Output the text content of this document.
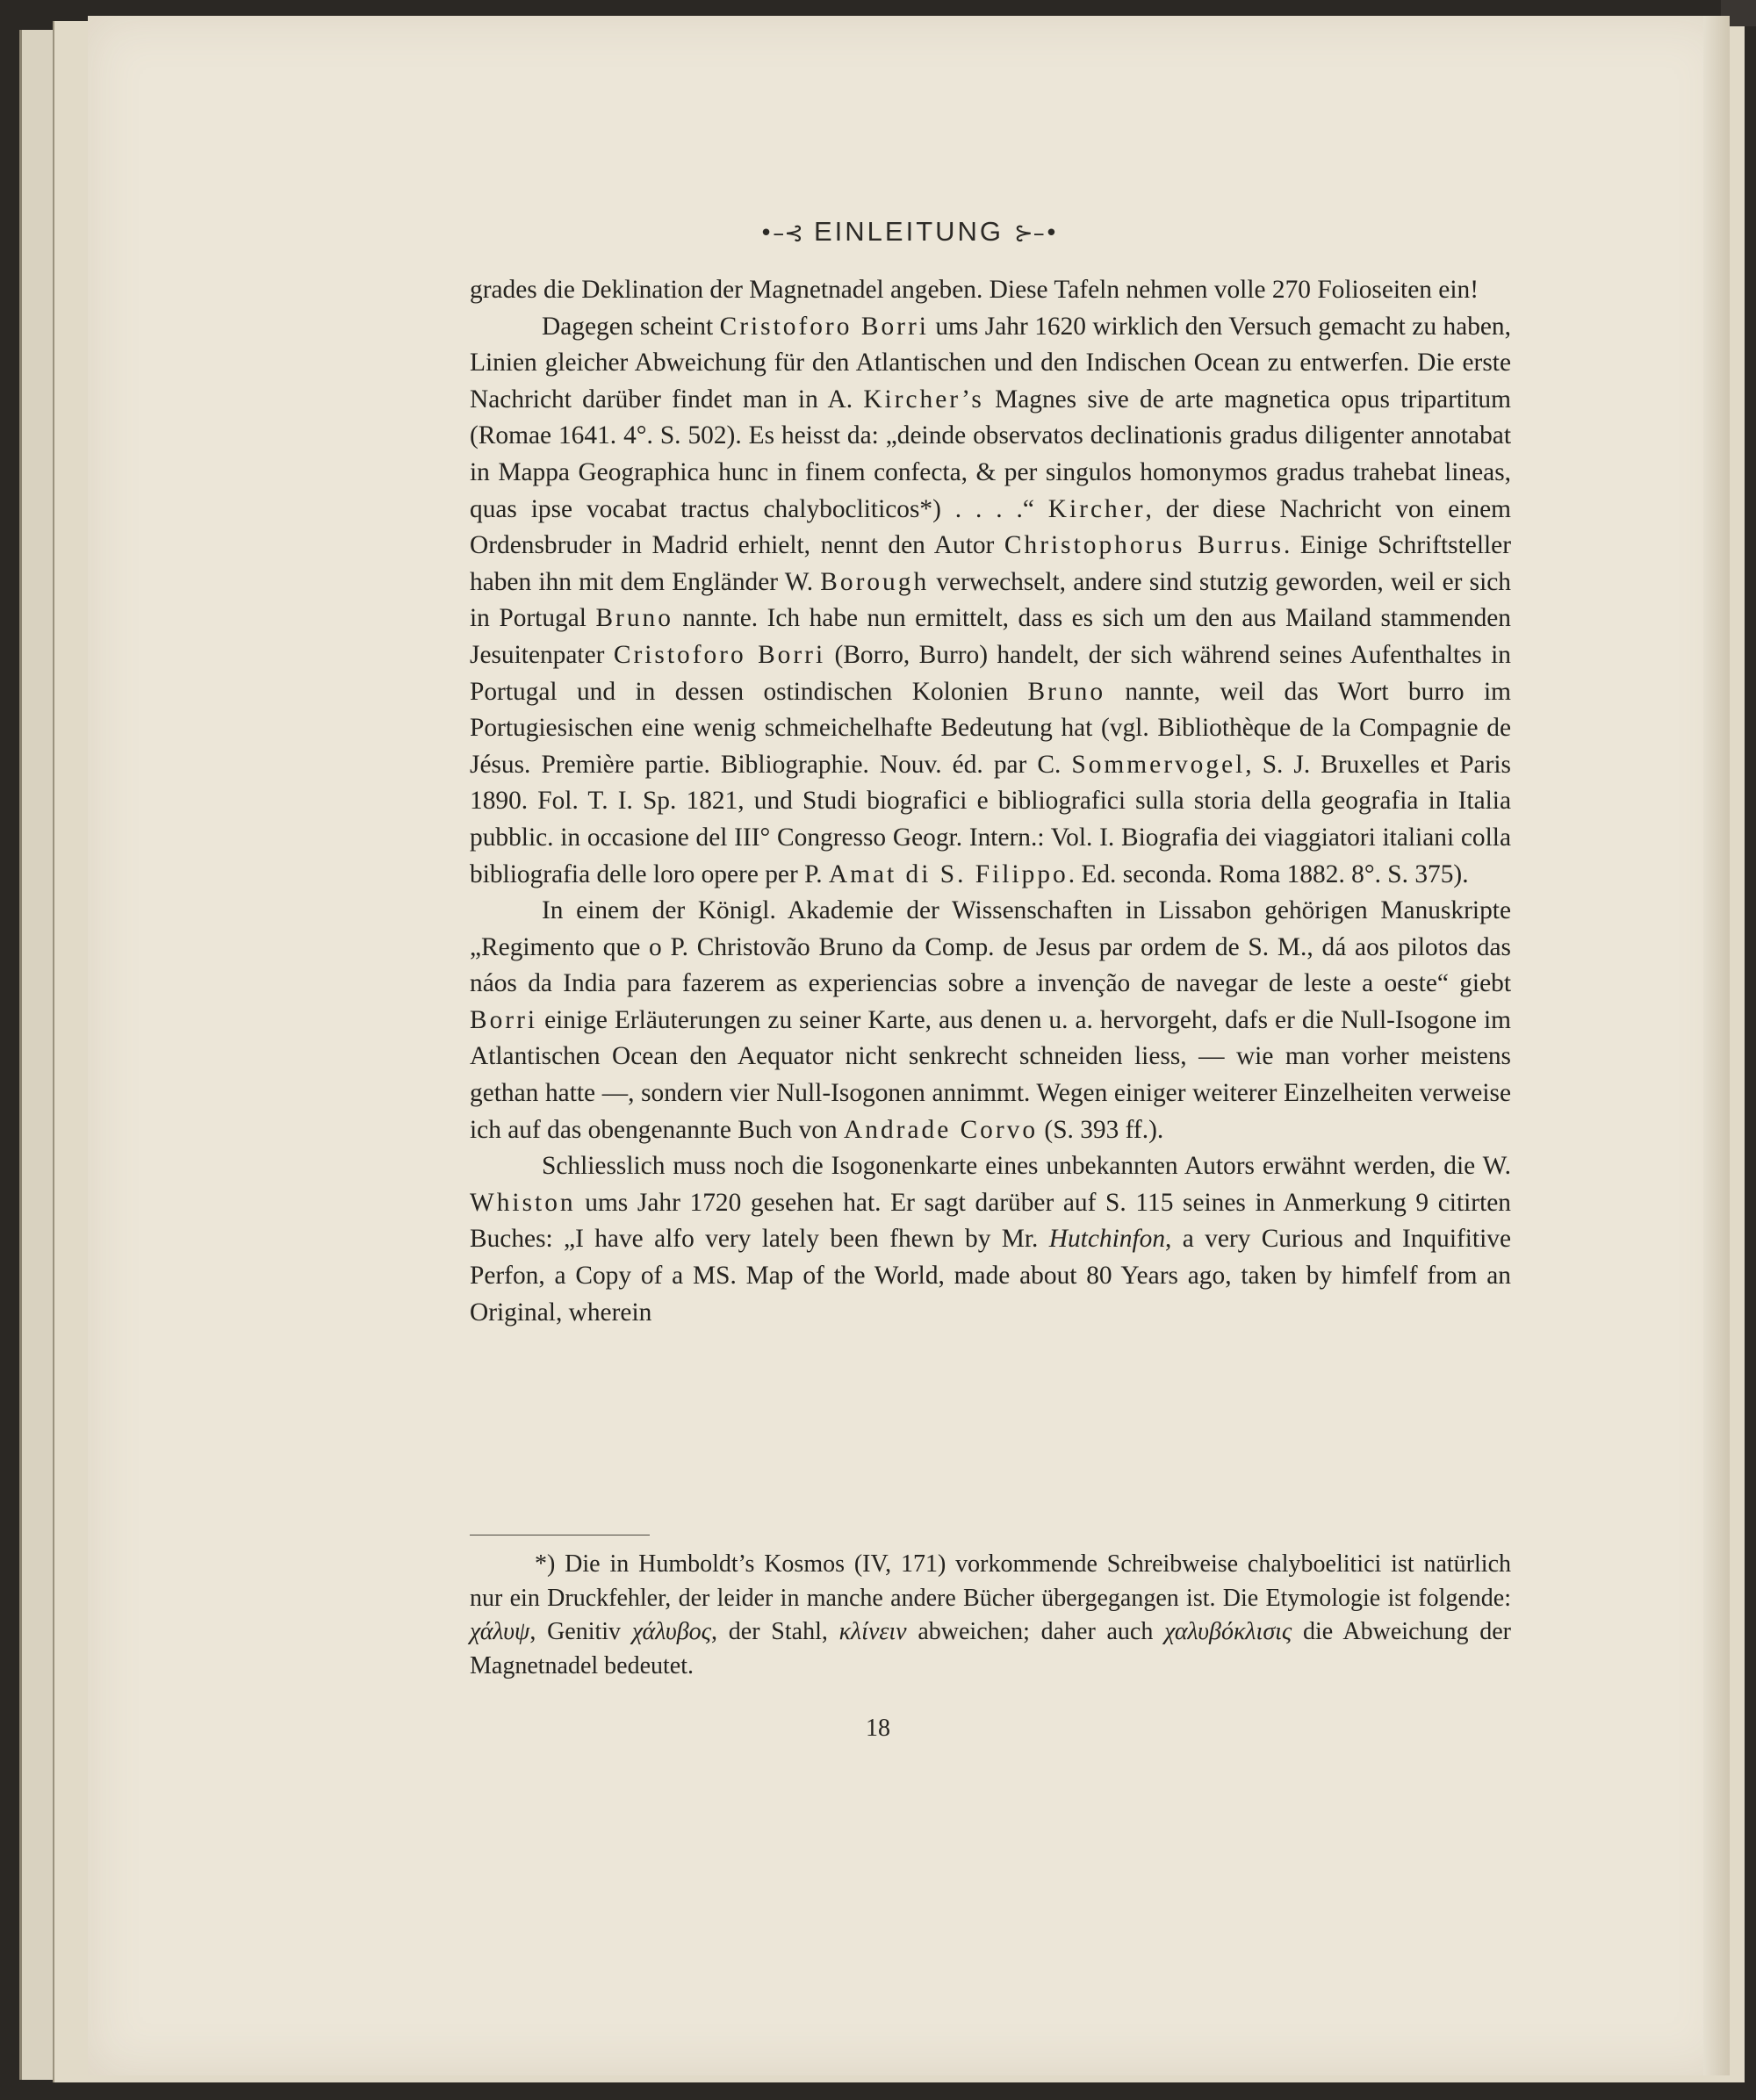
•–⊰ EINLEITUNG ⊱–•

grades die Deklination der Magnetnadel angeben. Diese Tafeln nehmen volle 270 Folioseiten ein!

Dagegen scheint Cristoforo Borri ums Jahr 1620 wirklich den Versuch gemacht zu haben, Linien gleicher Abweichung für den Atlantischen und den Indischen Ocean zu entwerfen. Die erste Nachricht darüber findet man in A. Kircher’s Magnes sive de arte magnetica opus tripartitum (Romae 1641. 4°. S. 502). Es heisst da: „deinde observatos declinationis gradus diligenter annotabat in Mappa Geographica hunc in finem confecta, & per singulos homonymos gradus trahebat lineas, quas ipse vocabat tractus chalybocliticos*) . . . .“ Kircher, der diese Nachricht von einem Ordensbruder in Madrid erhielt, nennt den Autor Christophorus Burrus. Einige Schriftsteller haben ihn mit dem Engländer W. Borough verwechselt, andere sind stutzig geworden, weil er sich in Portugal Bruno nannte. Ich habe nun ermittelt, dass es sich um den aus Mailand stammenden Jesuitenpater Cristoforo Borri (Borro, Burro) handelt, der sich während seines Aufenthaltes in Portugal und in dessen ostindischen Kolonien Bruno nannte, weil das Wort burro im Portugiesischen eine wenig schmeichelhafte Bedeutung hat (vgl. Bibliothèque de la Compagnie de Jésus. Première partie. Bibliographie. Nouv. éd. par C. Sommervogel, S. J. Bruxelles et Paris 1890. Fol. T. I. Sp. 1821, und Studi biografici e bibliografici sulla storia della geografia in Italia pubblic. in occasione del III° Congresso Geogr. Intern.: Vol. I. Biografia dei viaggiatori italiani colla bibliografia delle loro opere per P. Amat di S. Filippo. Ed. seconda. Roma 1882. 8°. S. 375).

In einem der Königl. Akademie der Wissenschaften in Lissabon gehörigen Manuskripte „Regimento que o P. Christovão Bruno da Comp. de Jesus par ordem de S. M., dá aos pilotos das náos da India para fazerem as experiencias sobre a invenção de navegar de leste a oeste“ giebt Borri einige Erläuterungen zu seiner Karte, aus denen u. a. hervorgeht, dafs er die Null-Isogone im Atlantischen Ocean den Aequator nicht senkrecht schneiden liess, — wie man vorher meistens gethan hatte —, sondern vier Null-Isogonen annimmt. Wegen einiger weiterer Einzelheiten verweise ich auf das obengenannte Buch von Andrade Corvo (S. 393 ff.).

Schliesslich muss noch die Isogonenkarte eines unbekannten Autors erwähnt werden, die W. Whiston ums Jahr 1720 gesehen hat. Er sagt darüber auf S. 115 seines in Anmerkung 9 citirten Buches: „I have alfo very lately been fhewn by Mr. Hutchinfon, a very Curious and Inquifitive Perfon, a Copy of a MS. Map of the World, made about 80 Years ago, taken by himfelf from an Original, wherein

*) Die in Humboldt’s Kosmos (IV, 171) vorkommende Schreibweise chalyboelitici ist natürlich nur ein Druckfehler, der leider in manche andere Bücher übergegangen ist. Die Etymologie ist folgende: χάλυψ, Genitiv χάλυβος, der Stahl, κλίνειν abweichen; daher auch χαλυβόκλισις die Abweichung der Magnetnadel bedeutet.

18
